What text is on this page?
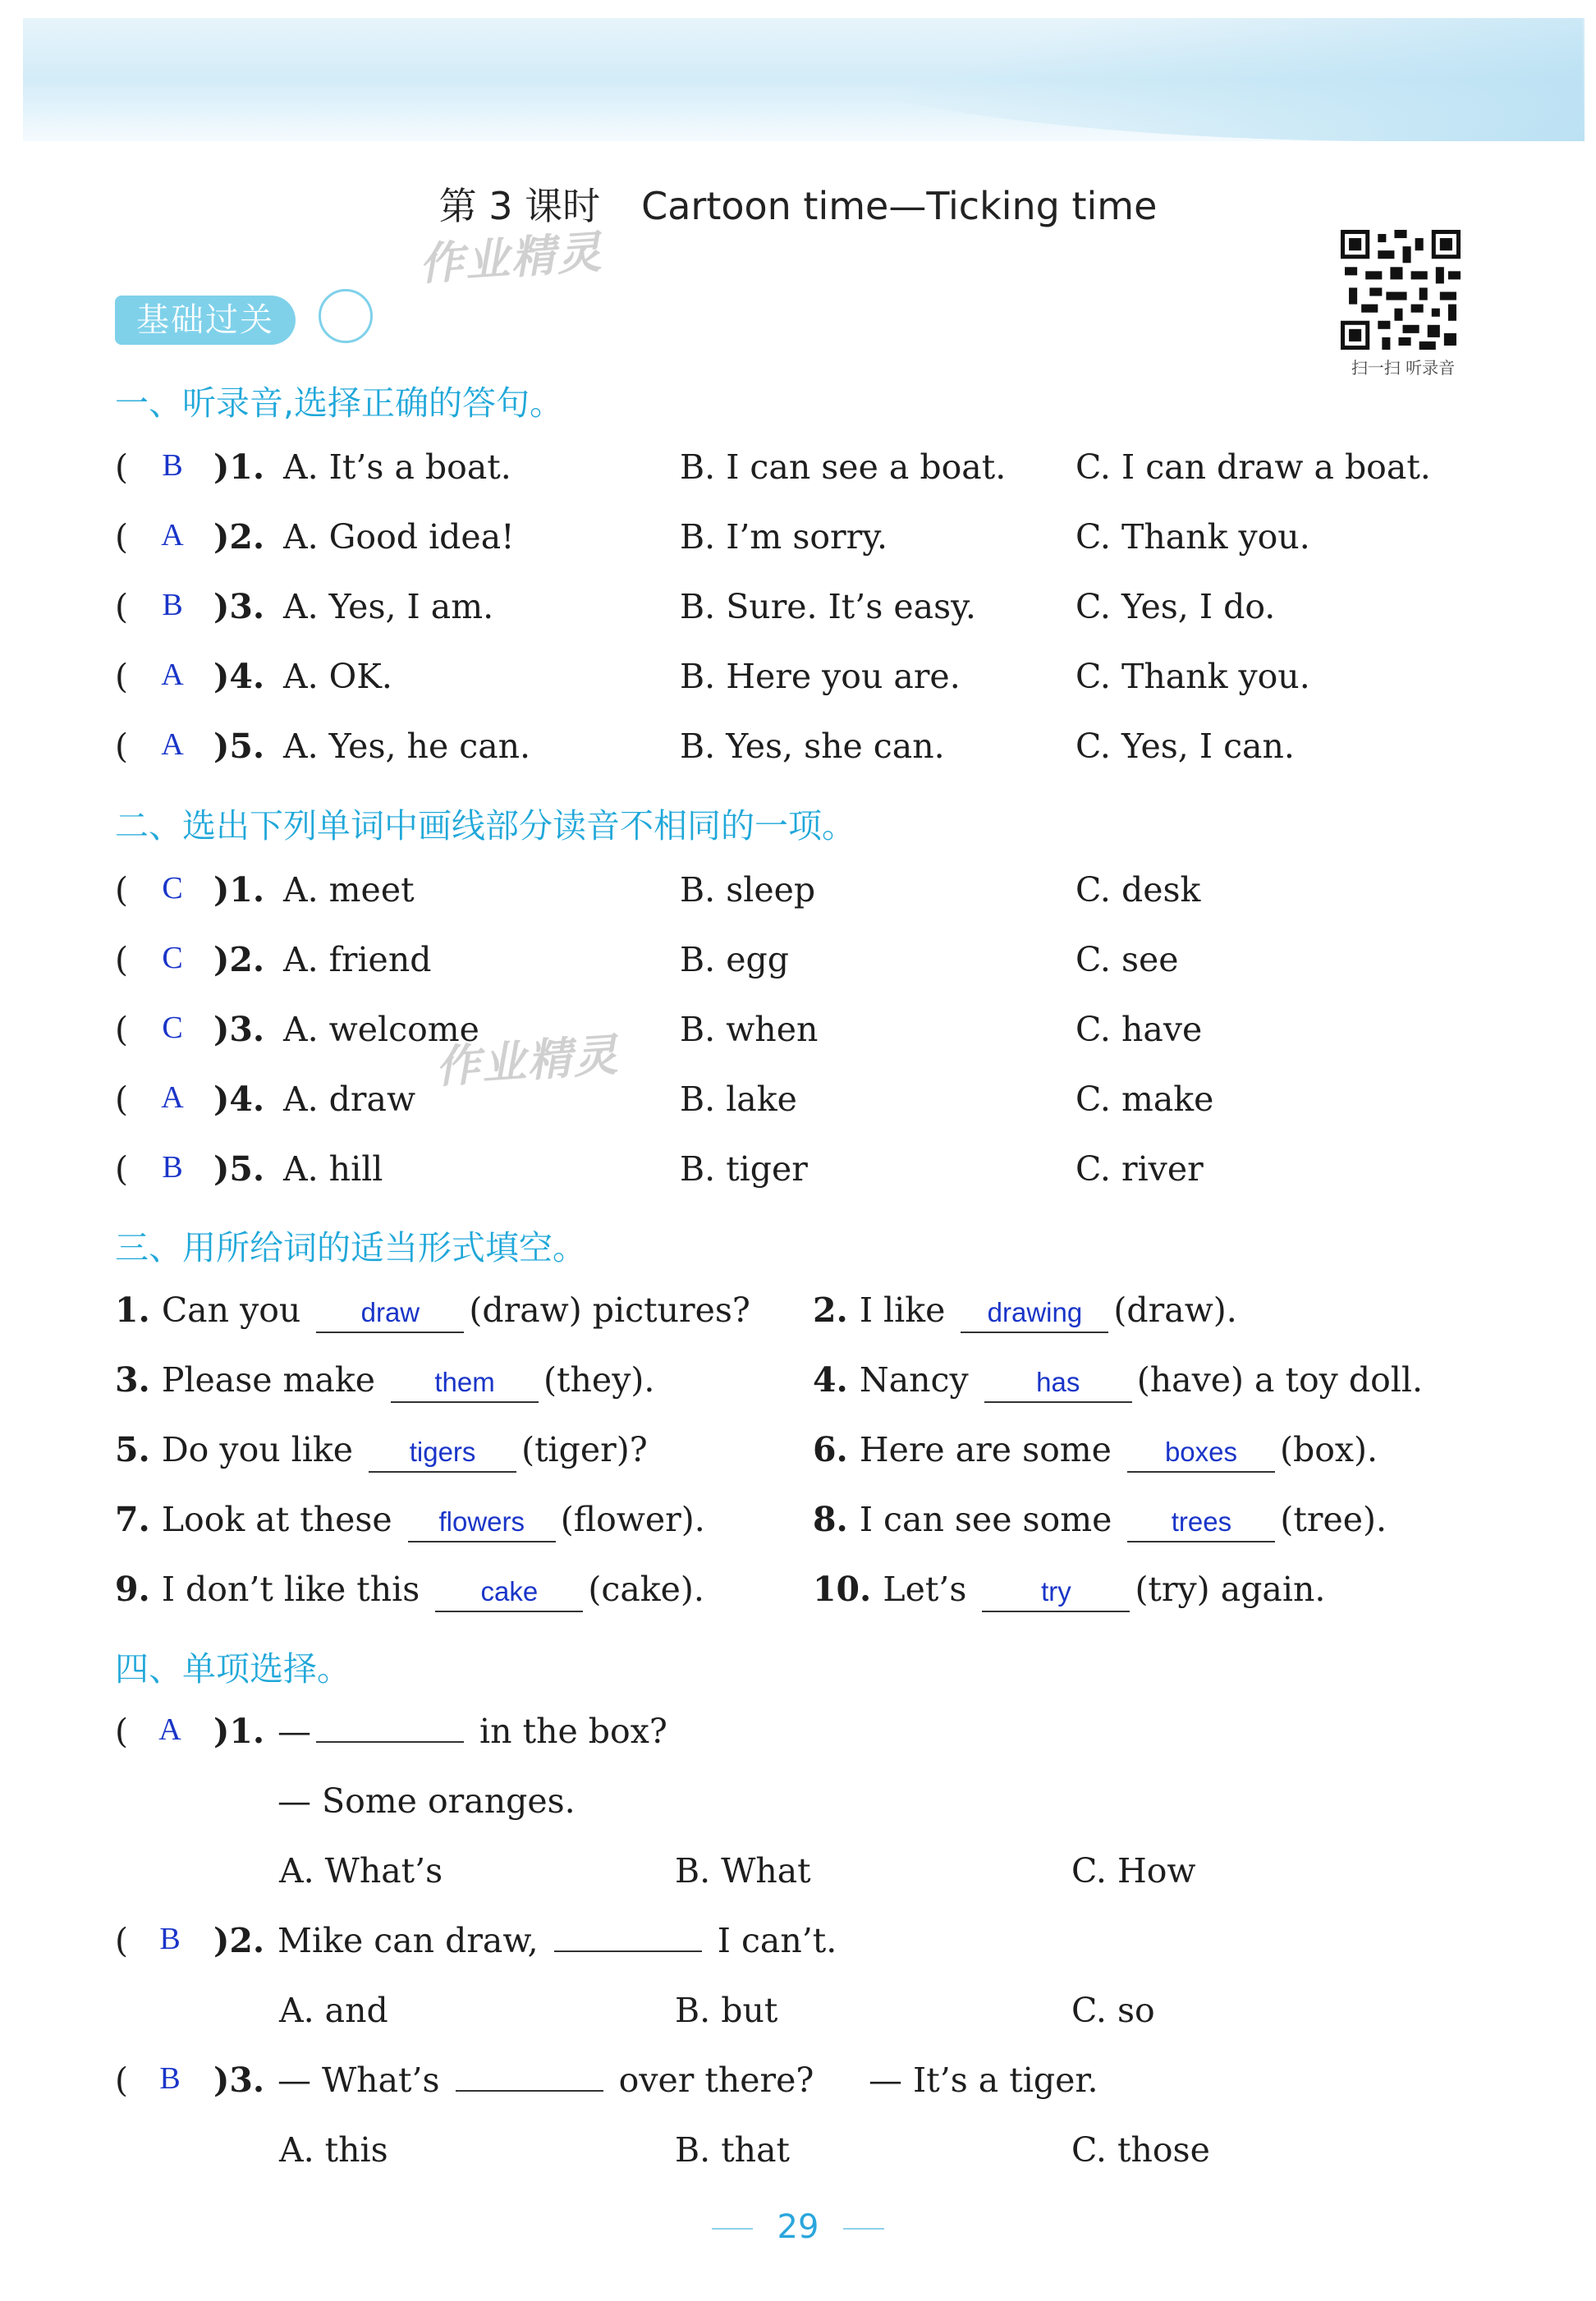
第 3 课时 Cartoon time—Ticking time
作业精灵
扫一扫 听录音
基础过关
一、听录音,选择正确的答句。
(	B )1. A. It’s a boat.	B. I can see a boat. C. I can draw a boat.
(	A )2. A. Good idea!	B. I’m sorry.	C. Thank you.
(	B )3. A. Yes, I am.	B. Sure. It’s easy.	C. Yes, I do.
(	A )4. A. OK.	B. Here you are.	C. Thank you.
(	A )5. A. Yes, he can.	B. Yes, she can.	C. Yes, I can.
二、选出下列单词中画线部分读音不相同的一项。
(	C )1. A. meet	B. sleep	C. desk
(	C )2. A. friend	B. egg	C. see
(	C )3. A. welcome	B. when	C. have
(	A )4. A. draw	B. lake	C. make
(	B )5. A. hill	B. tiger	C. river
作业精灵
三、用所给词的适当形式填空。
1. Can you draw (draw) pictures? 2. I like drawing (draw).
3. Please make them (they).	4. Nancy has (have) a toy doll.
5. Do you like tigers (tiger)?	6. Here are some boxes (box).
7. Look at these flowers (flower).	8. I can see some trees (tree).
9. I don’t like this cake (cake).	10. Let’s	try (try) again.
四、单项选择。
( A )1. —	in the box?
— Some oranges.
A. What’s	B. What	C. How
(	B )2. Mike can draw,	I can’t.
A. and	B. but	C. so
(	B )3. — What’s	over there? — It’s a tiger.
A. this	B. that	C. those
29
